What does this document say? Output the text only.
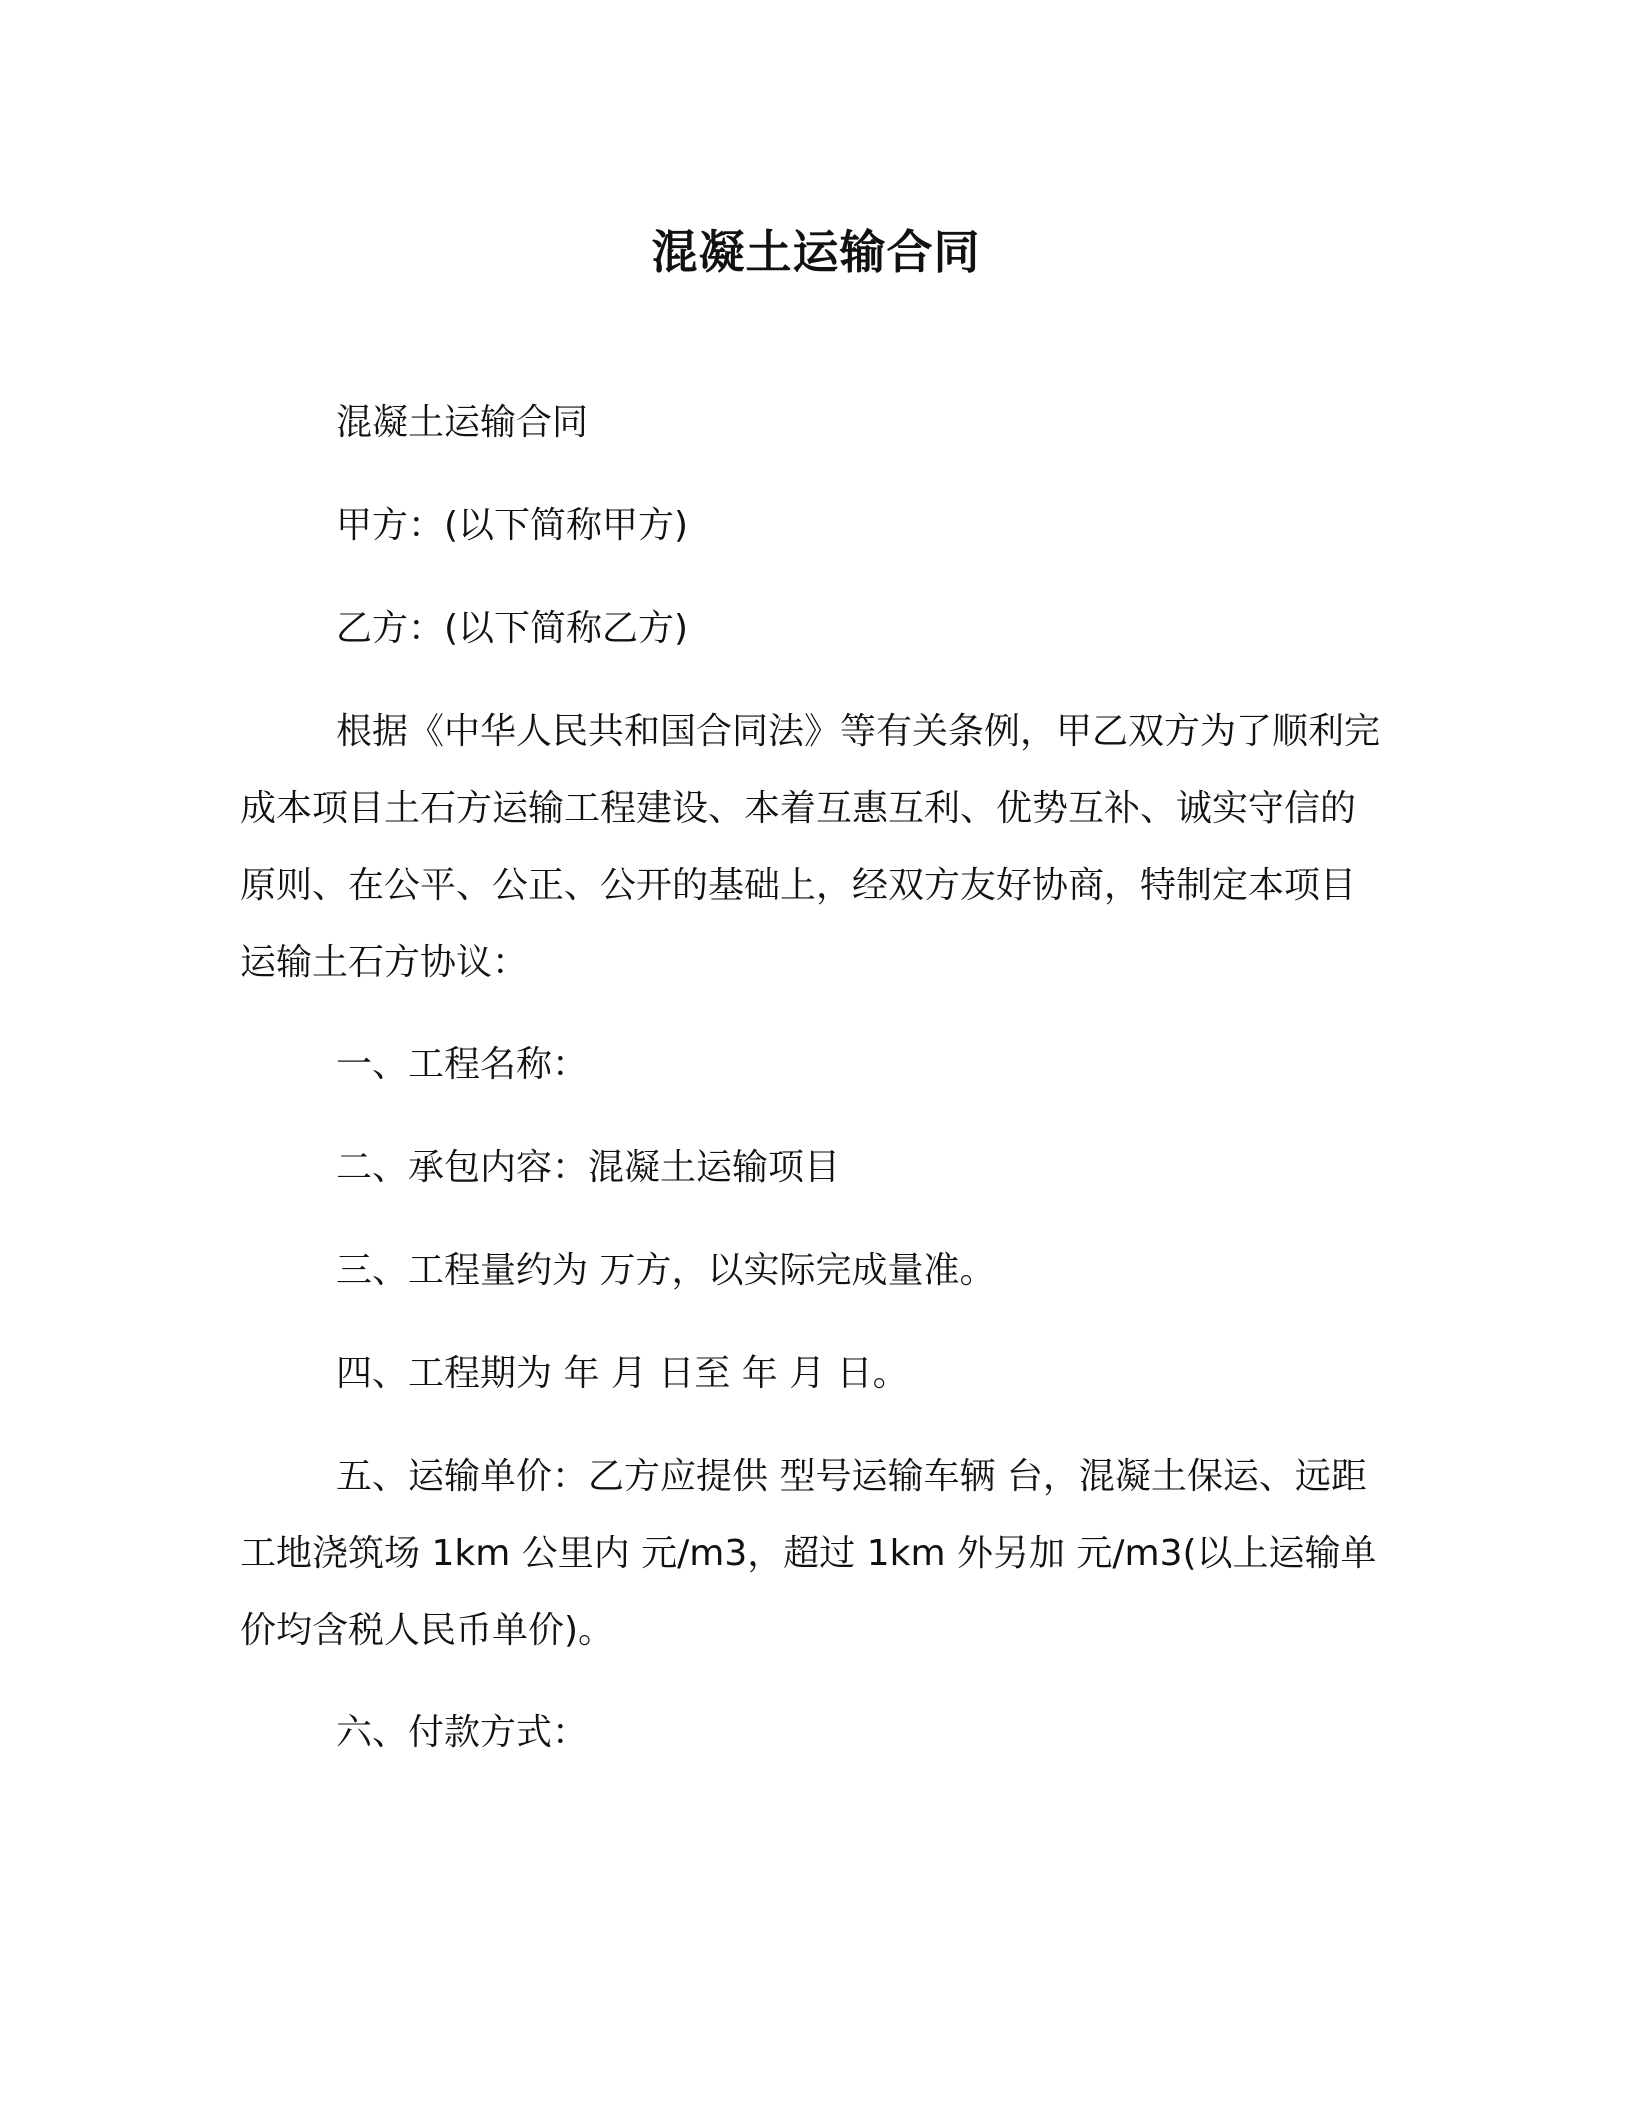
混凝土运输合同

混凝土运输合同

甲方：(以下简称甲方)

乙方：(以下简称乙方)

根据《中华人民共和国合同法》等有关条例，甲乙双方为了顺利完成本项目土石方运输工程建设、本着互惠互利、优势互补、诚实守信的原则、在公平、公正、公开的基础上，经双方友好协商，特制定本项目运输土石方协议：

一、工程名称：

二、承包内容：混凝土运输项目

三、工程量约为 万方，以实际完成量准。

四、工程期为 年 月 日至 年 月 日。

五、运输单价：乙方应提供 型号运输车辆 台，混凝土保运、远距工地浇筑场 1km 公里内 元/m3，超过 1km 外另加 元/m3(以上运输单价均含税人民币单价)。

六、付款方式：
